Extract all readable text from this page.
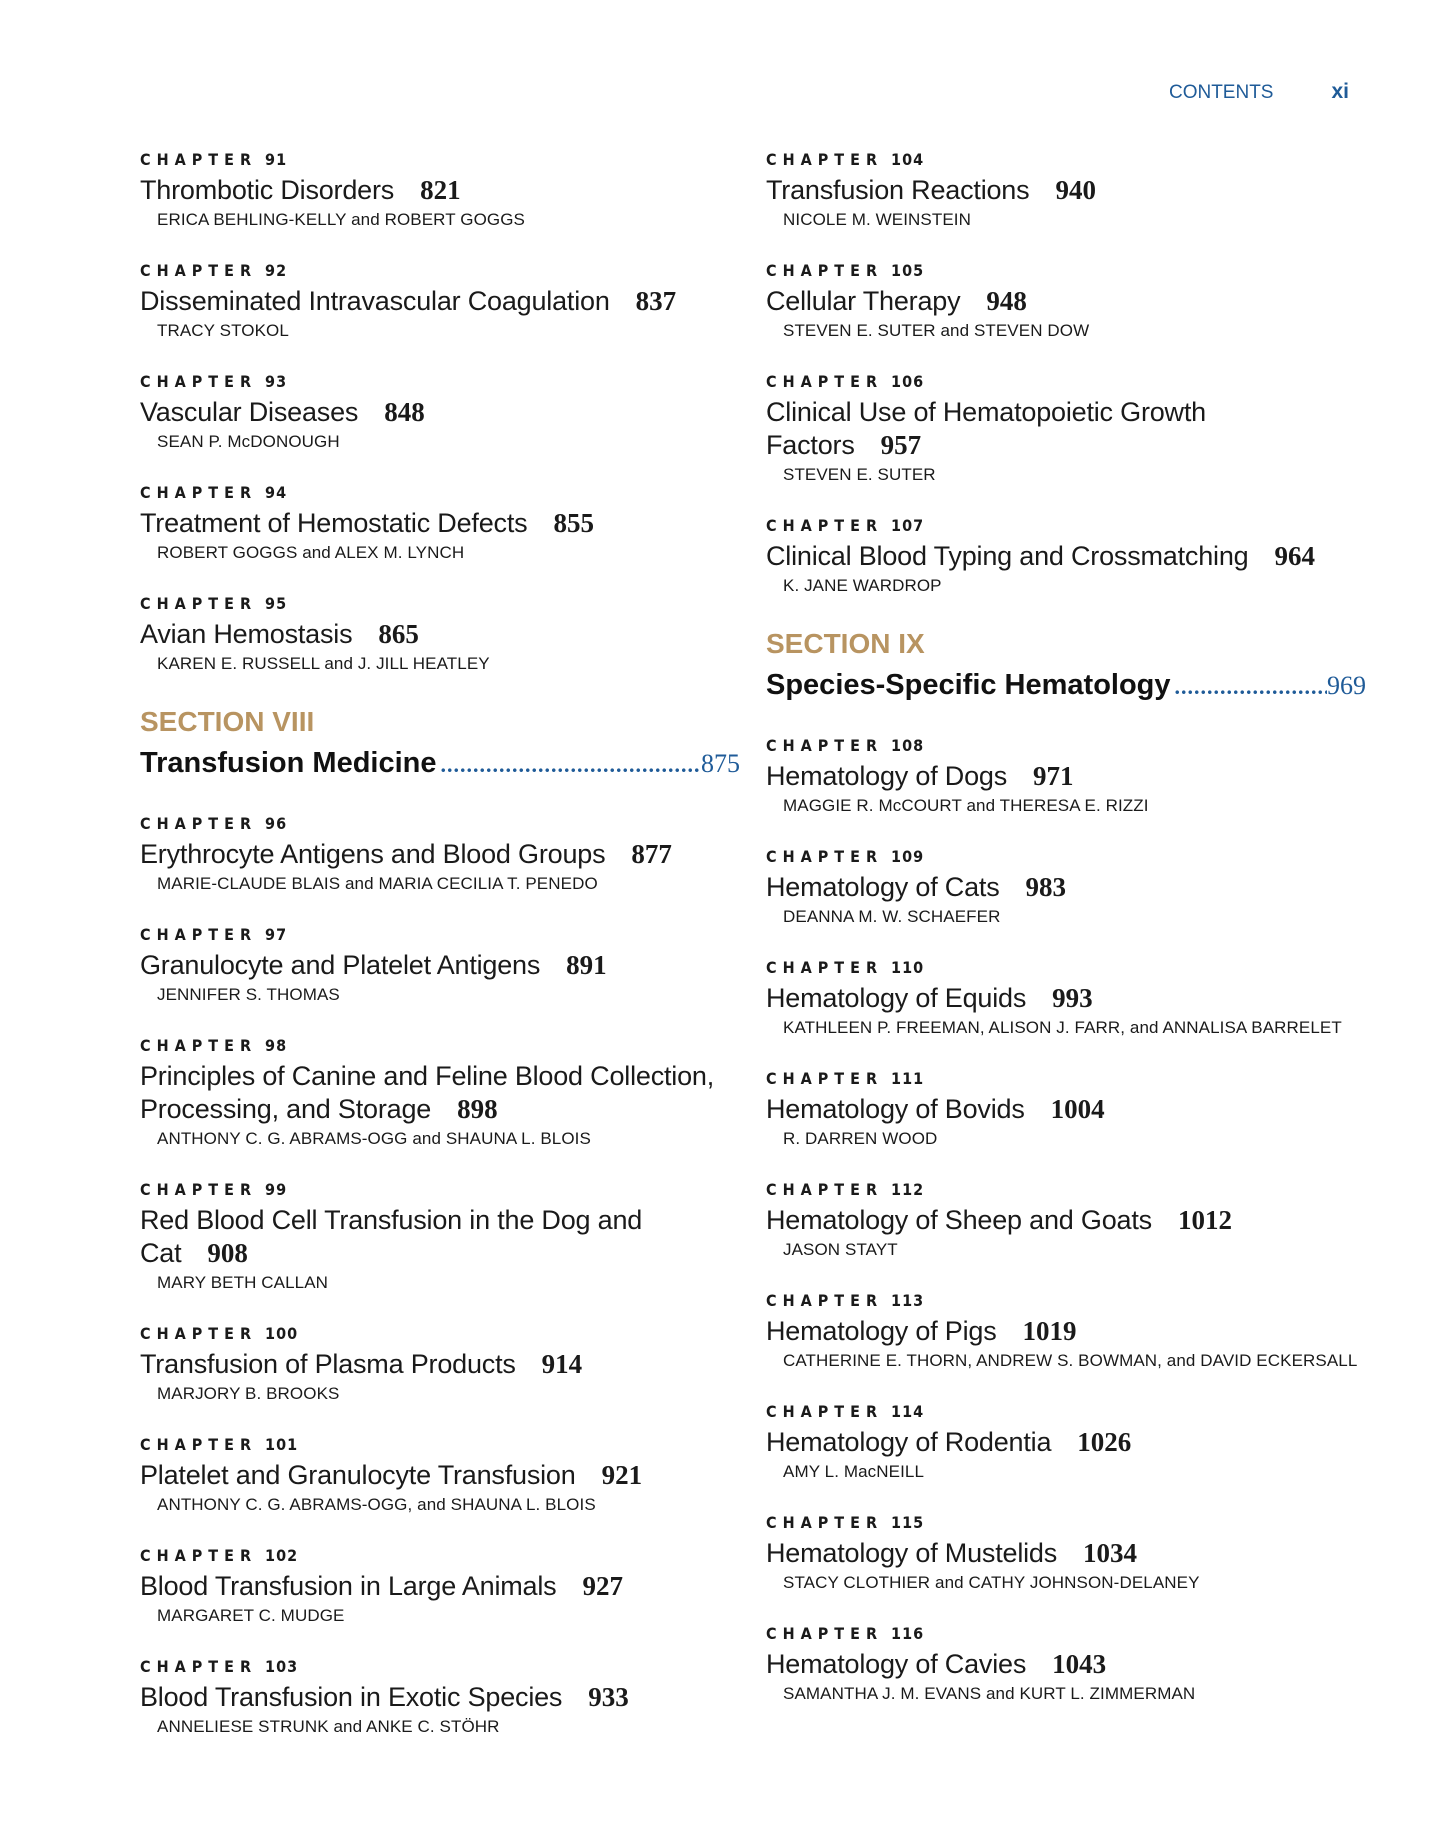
CONTENTS	xi
CHAPTER 91
Thrombotic Disorders 821
ERICA BEHLING-KELLY and ROBERT GOGGS
CHAPTER 92
Disseminated Intravascular Coagulation 837
TRACY STOKOL
CHAPTER 93
Vascular Diseases 848
SEAN P. McDONOUGH
CHAPTER 94
Treatment of Hemostatic Defects 855
ROBERT GOGGS and ALEX M. LYNCH
CHAPTER 95
Avian Hemostasis 865
KAREN E. RUSSELL and J. JILL HEATLEY
SECTION VIII
Transfusion Medicine .....	875
CHAPTER 96
Erythrocyte Antigens and Blood Groups 877
MARIE-CLAUDE BLAIS and MARIA CECILIA T. PENEDO
CHAPTER 97
Granulocyte and Platelet Antigens 891
JENNIFER S. THOMAS
CHAPTER 98
Principles of Canine and Feline Blood Collection, Processing, and Storage 898
ANTHONY C. G. ABRAMS-OGG and SHAUNA L. BLOIS
CHAPTER 99
Red Blood Cell Transfusion in the Dog and Cat 908
MARY BETH CALLAN
CHAPTER 100
Transfusion of Plasma Products 914
MARJORY B. BROOKS
CHAPTER 101
Platelet and Granulocyte Transfusion 921
ANTHONY C. G. ABRAMS-OGG, and SHAUNA L. BLOIS
CHAPTER 102
Blood Transfusion in Large Animals 927
MARGARET C. MUDGE
CHAPTER 103
Blood Transfusion in Exotic Species 933
ANNELIESE STRUNK and ANKE C. STÖHR
CHAPTER 104
Transfusion Reactions 940
NICOLE M. WEINSTEIN
CHAPTER 105
Cellular Therapy 948
STEVEN E. SUTER and STEVEN DOW
CHAPTER 106
Clinical Use of Hematopoietic Growth Factors 957
STEVEN E. SUTER
CHAPTER 107
Clinical Blood Typing and Crossmatching 964
K. JANE WARDROP
SECTION IX
Species-Specific Hematology .....	969
CHAPTER 108
Hematology of Dogs 971
MAGGIE R. McCOURT and THERESA E. RIZZI
CHAPTER 109
Hematology of Cats 983
DEANNA M. W. SCHAEFER
CHAPTER 110
Hematology of Equids 993
KATHLEEN P. FREEMAN, ALISON J. FARR, and ANNALISA BARRELET
CHAPTER 111
Hematology of Bovids 1004
R. DARREN WOOD
CHAPTER 112
Hematology of Sheep and Goats 1012
JASON STAYT
CHAPTER 113
Hematology of Pigs 1019
CATHERINE E. THORN, ANDREW S. BOWMAN, and DAVID ECKERSALL
CHAPTER 114
Hematology of Rodentia 1026
AMY L. MacNEILL
CHAPTER 115
Hematology of Mustelids 1034
STACY CLOTHIER and CATHY JOHNSON-DELANEY
CHAPTER 116
Hematology of Cavies 1043
SAMANTHA J. M. EVANS and KURT L. ZIMMERMAN
